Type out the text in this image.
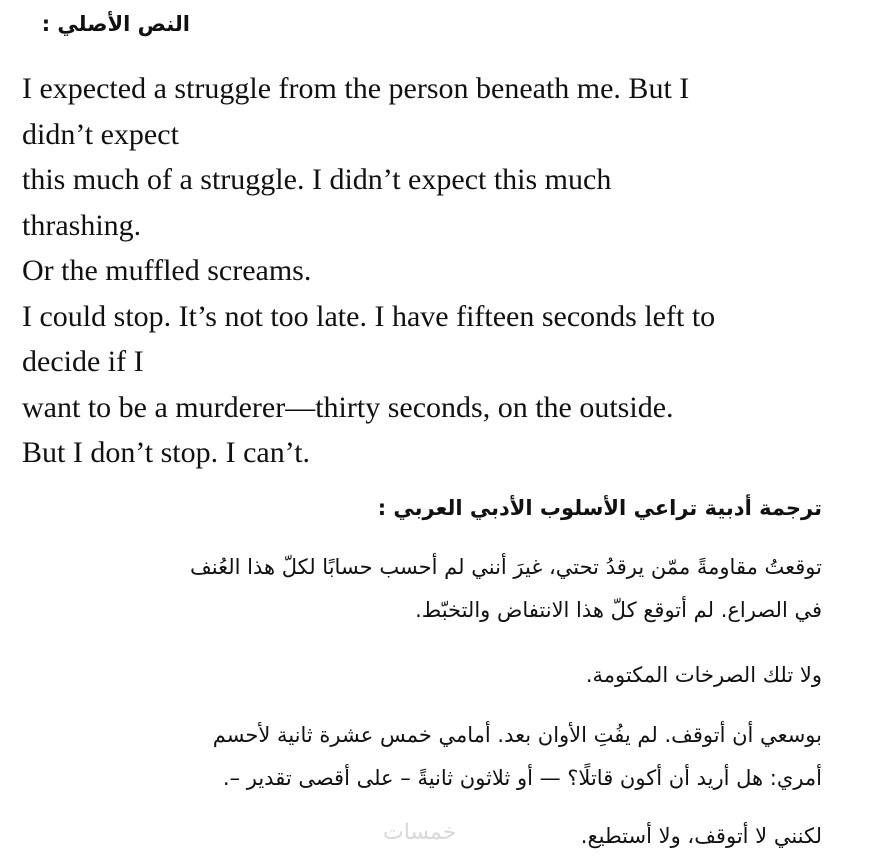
النص الأصلي :
I expected a struggle from the person beneath me. But I
didn’t expect
this much of a struggle. I didn’t expect this much
thrashing.
Or the muffled screams.
I could stop. It’s not too late. I have fifteen seconds left to
decide if I
want to be a murderer—thirty seconds, on the outside.
But I don’t stop. I can’t.
ترجمة أدبية تراعي الأسلوب الأدبي العربي :
توقعتُ مقاومةً ممّن يرقدُ تحتي، غيرَ أنني لم أحسب حسابًا لكلّ هذا العُنف
في الصراع. لم أتوقع كلّ هذا الانتفاض والتخبّط.
ولا تلك الصرخات المكتومة.
بوسعي أن أتوقف. لم يفُتِ الأوان بعد. أمامي خمس عشرة ثانية لأحسم
أمري: هل أريد أن أكون قاتلًا؟ — أو ثلاثون ثانيةً – على أقصى تقدير –.
لكنني لا أتوقف، ولا أستطيع.
خمسات
